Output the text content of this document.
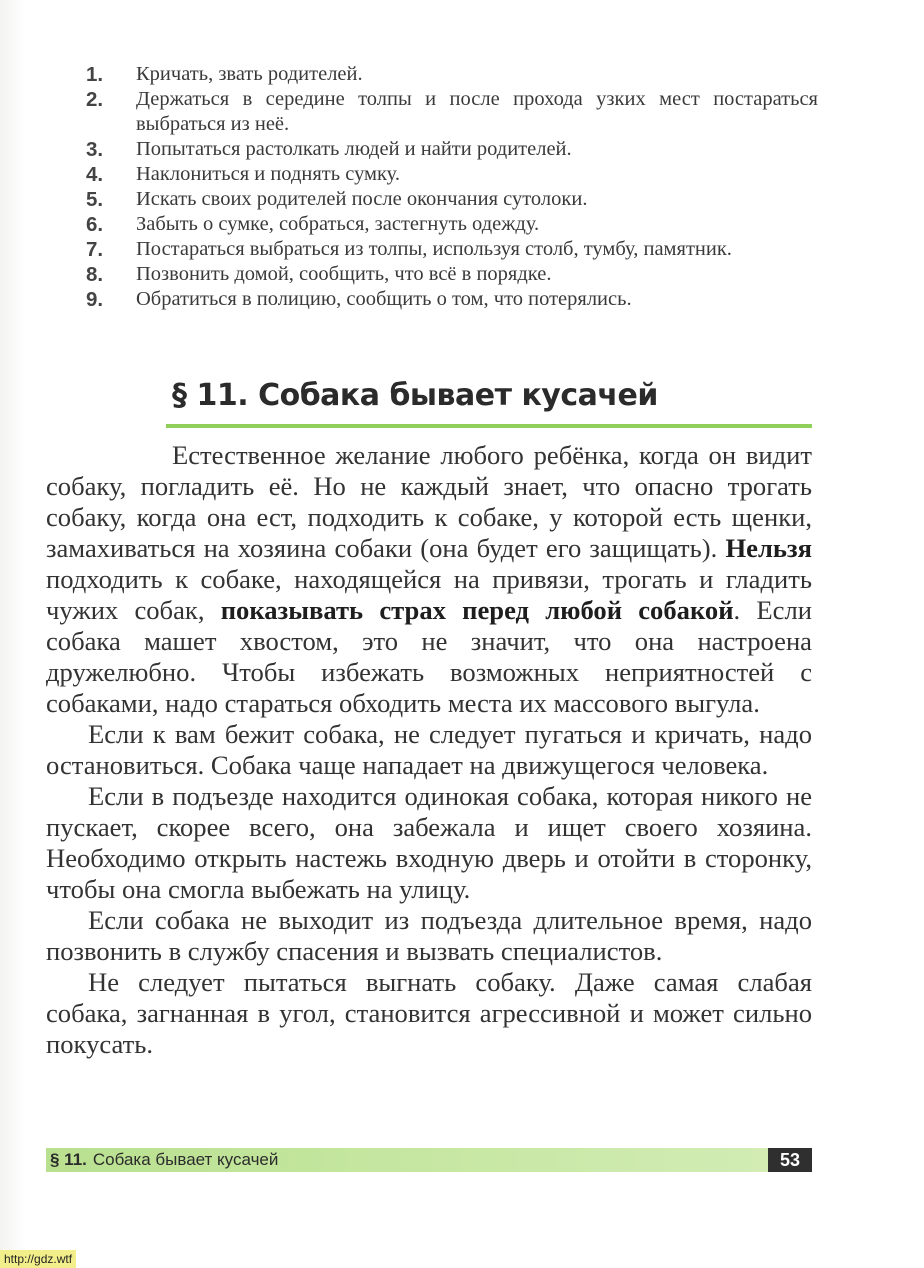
1.	Кричать, звать родителей.
2.	Держаться в середине толпы и после прохода узких мест постараться выбраться из неё.
3.	Попытаться растолкать людей и найти родителей.
4.	Наклониться и поднять сумку.
5.	Искать своих родителей после окончания сутолоки.
6.	Забыть о сумке, собраться, застегнуть одежду.
7.	Постараться выбраться из толпы, используя столб, тумбу, памятник.
8.	Позвонить домой, сообщить, что всё в порядке.
9.	Обратиться в полицию, сообщить о том, что потерялись.
§ 11. Собака бывает кусачей

Естественное желание любого ребёнка, когда он видит собаку, погладить её. Но не каждый знает, что опасно трогать собаку, когда она ест, подходить к собаке, у которой есть щенки, замахиваться на хозяина собаки (она будет его защищать). Нельзя подходить к собаке, находящейся на привязи, трогать и гладить чужих собак, показывать страх перед любой собакой. Если собака машет хвостом, это не значит, что она настроена дружелюбно. Чтобы избежать возможных неприятностей с собаками, надо стараться обходить места их массового выгула.

Если к вам бежит собака, не следует пугаться и кричать, надо остановиться. Собака чаще нападает на движущегося человека.

Если в подъезде находится одинокая собака, которая никого не пускает, скорее всего, она забежала и ищет своего хозяина. Необходимо открыть настежь входную дверь и отойти в сторонку, чтобы она смогла выбежать на улицу.

Если собака не выходит из подъезда длительное время, надо позвонить в службу спасения и вызвать специалистов.

Не следует пытаться выгнать собаку. Даже самая слабая собака, загнанная в угол, становится агрессивной и может сильно покусать.

§ 11. Собака бывает кусачей	53
http://gdz.wtf
